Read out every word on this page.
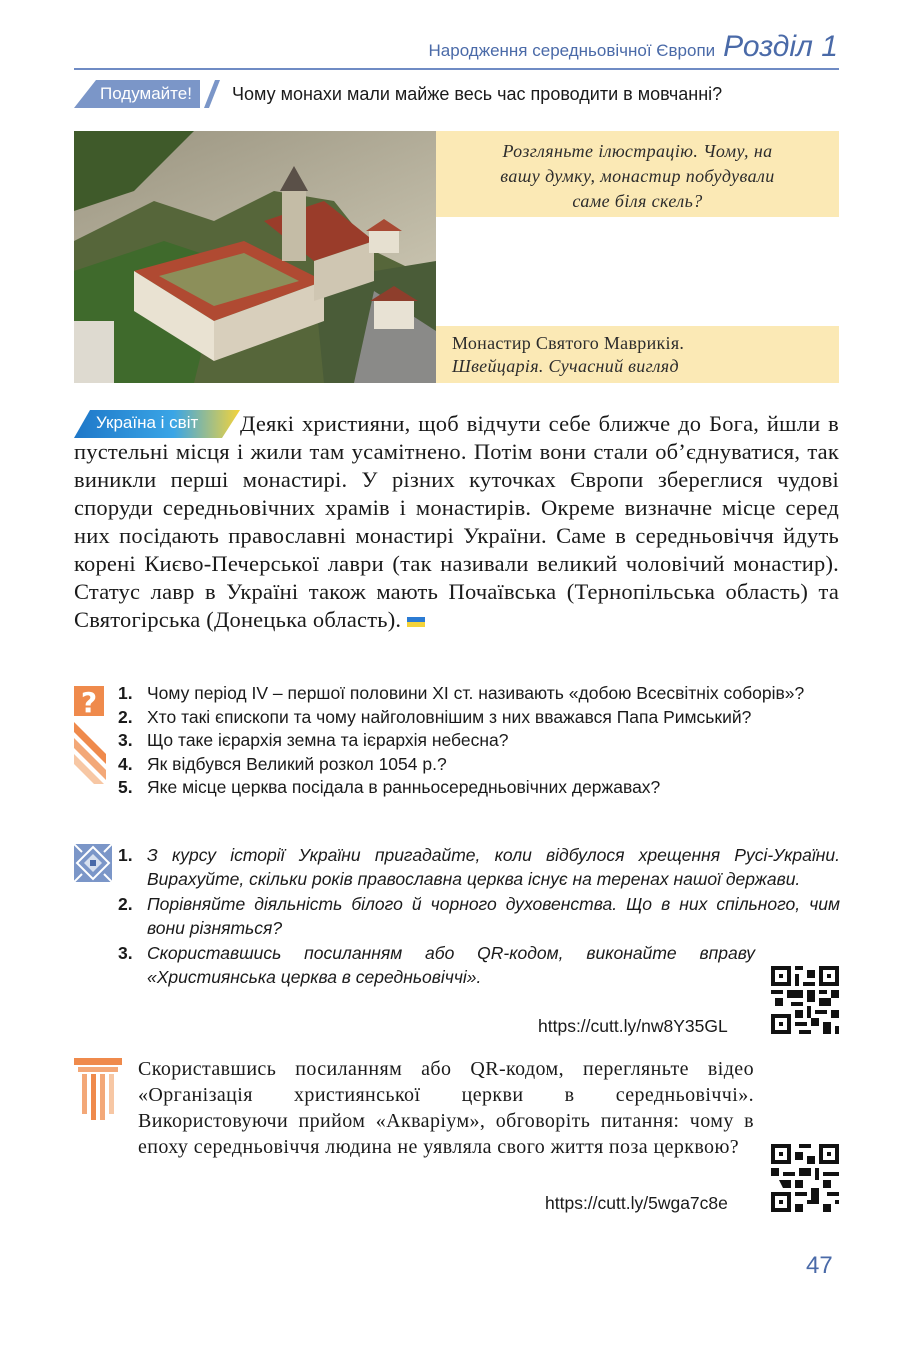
Народження середньовічної Європи Розділ 1
Подумайте! Чому монахи мали майже весь час проводити в мовчанні?

Розгляньте ілюстрацію. Чому, на вашу думку, монастир побудували саме біля скель?

Монастир Святого Маврикія.
Швейцарія. Сучасний вигляд

Україна і світ	Деякі християни, щоб відчути себе ближче до Бога, йшли в пустельні місця і жили там усамітнено. Потім вони стали об’єднуватися, так виникли перші монастирі. У різних куточках Європи збереглися чудові споруди середньовічних храмів і монастирів. Окреме визначне місце серед них посідають православні монастирі України. Саме в середньовіччя йдуть корені Києво-Печерської лаври (так називали великий чоловічий монастир). Статус лавр в Україні також мають Почаївська (Тернопільська область) та Святогірська (Донецька область).
? 1. Чому період IV – першої половини XI ст. називають «добою Всесвітніх соборів»?
2. Хто такі єпископи та чому найголовнішим з них вважався Папа Римський?
3. Що таке ієрархія земна та ієрархія небесна?
4. Як відбувся Великий розкол 1054 р.?
5. Яке місце церква посідала в ранньосередньовічних державах?
1. З курсу історії України пригадайте, коли відбулося хрещення Русі-України. Вирахуйте, скільки років православна церква існує на теренах нашої держави.
2. Порівняйте діяльність білого й чорного духовенства. Що в них спільного, чим вони різняться?
3. Скориставшись посиланням або QR-кодом, виконайте вправу «Християнська церква в середньовіччі».
https://cutt.ly/nw8Y35GL
Скориставшись посиланням або QR-кодом, перегляньте відео «Організація християнської церкви в середньовіччі». Використовуючи прийом «Акваріум», обговоріть питання: чому в епоху середньовіччя людина не уявляла свого життя поза церквою?
https://cutt.ly/5wga7c8e
47
